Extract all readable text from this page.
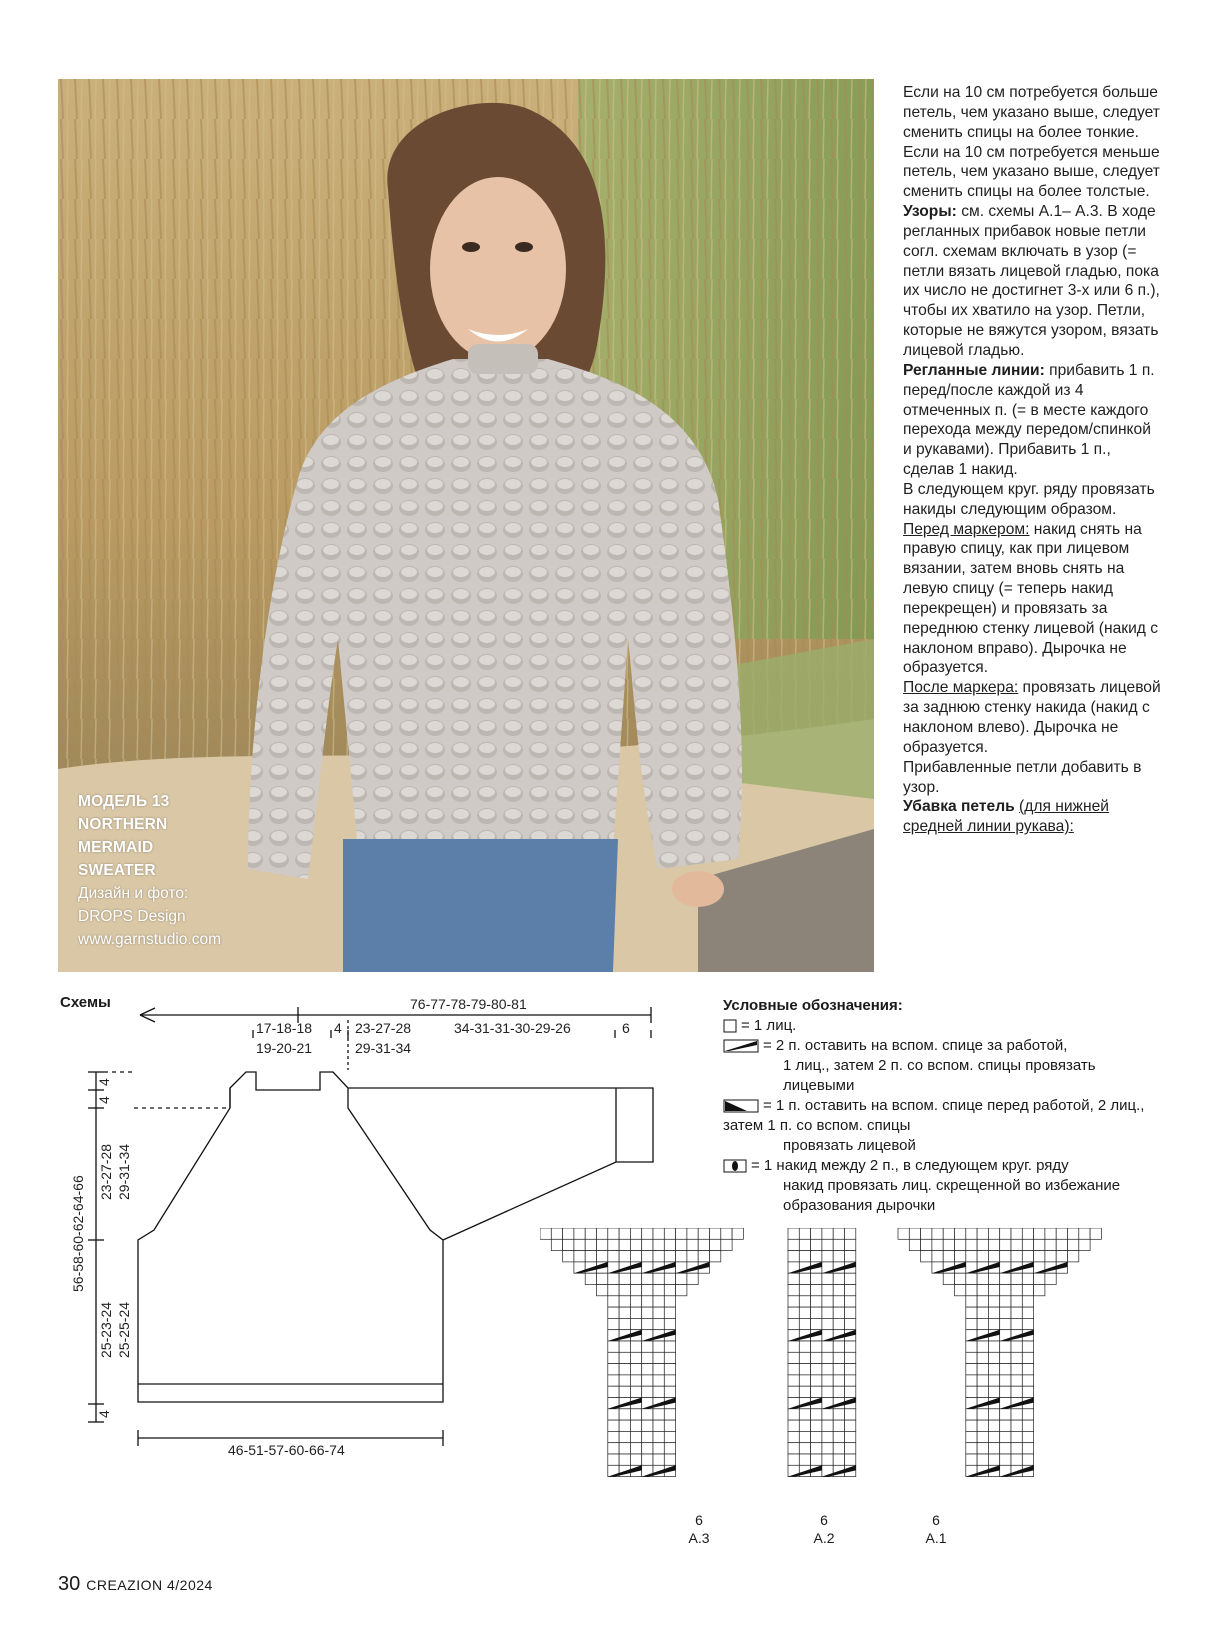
МОДЕЛЬ 13
NORTHERN
MERMAID
SWEATER
Дизайн и фото:
DROPS Design
www.garnstudio.com

Если на 10 см потребуется больше петель, чем указано выше, следует сменить спицы на более тонкие. Если на 10 см потребуется меньше петель, чем указано выше, следует сменить спицы на более толстые.

Узоры: см. схемы А.1– А.3. В ходе регланных прибавок новые петли согл. схемам включать в узор (= петли вязать лицевой гладью, пока их число не достигнет 3-х или 6 п.), чтобы их хватило на узор. Петли, которые не вяжутся узором, вязать лицевой гладью.

Регланные линии: прибавить 1 п. перед/после каждой из 4 отмеченных п. (= в месте каждого перехода между передом/спинкой и рукавами). Прибавить 1 п., сделав 1 накид.

В следующем круг. ряду провязать накиды следующим образом.

Перед маркером: накид снять на правую спицу, как при лицевом вязании, затем вновь снять на левую спицу (= теперь накид перекрещен) и провязать за переднюю стенку лицевой (накид с наклоном вправо). Дырочка не образуется.

После маркера: провязать лицевой за заднюю стенку накида (накид с наклоном влево). Дырочка не образуется.

Прибавленные петли добавить в узор.

Убавка петель (для нижней средней линии рукава):

Схемы	76-77-78-79-80-81
17-18-18
19-20-21
4 23-27-28
29-31-34
34-31-31-30-29-26	6
4
4
23-27-28 29-31-34
56-58-60-62-64-66
25-23-24 25-25-24
4
46-51-57-60-66-74
Условные обозначения:
= 1 лиц.
= 2 п. оставить на вспом. спице за работой,
1 лиц., затем 2 п. со вспом. спицы провязать лицевыми
= 1 п. оставить на вспом. спице перед работой, 2 лиц., затем 1 п. со вспом. спицы
провязать лицевой
= 1 накид между 2 п., в следующем круг. ряду
накид провязать лиц. скрещенной во избежание образования дырочки
6
А.3
6
А.2
6
А.1
30 CREAZION 4/2024
